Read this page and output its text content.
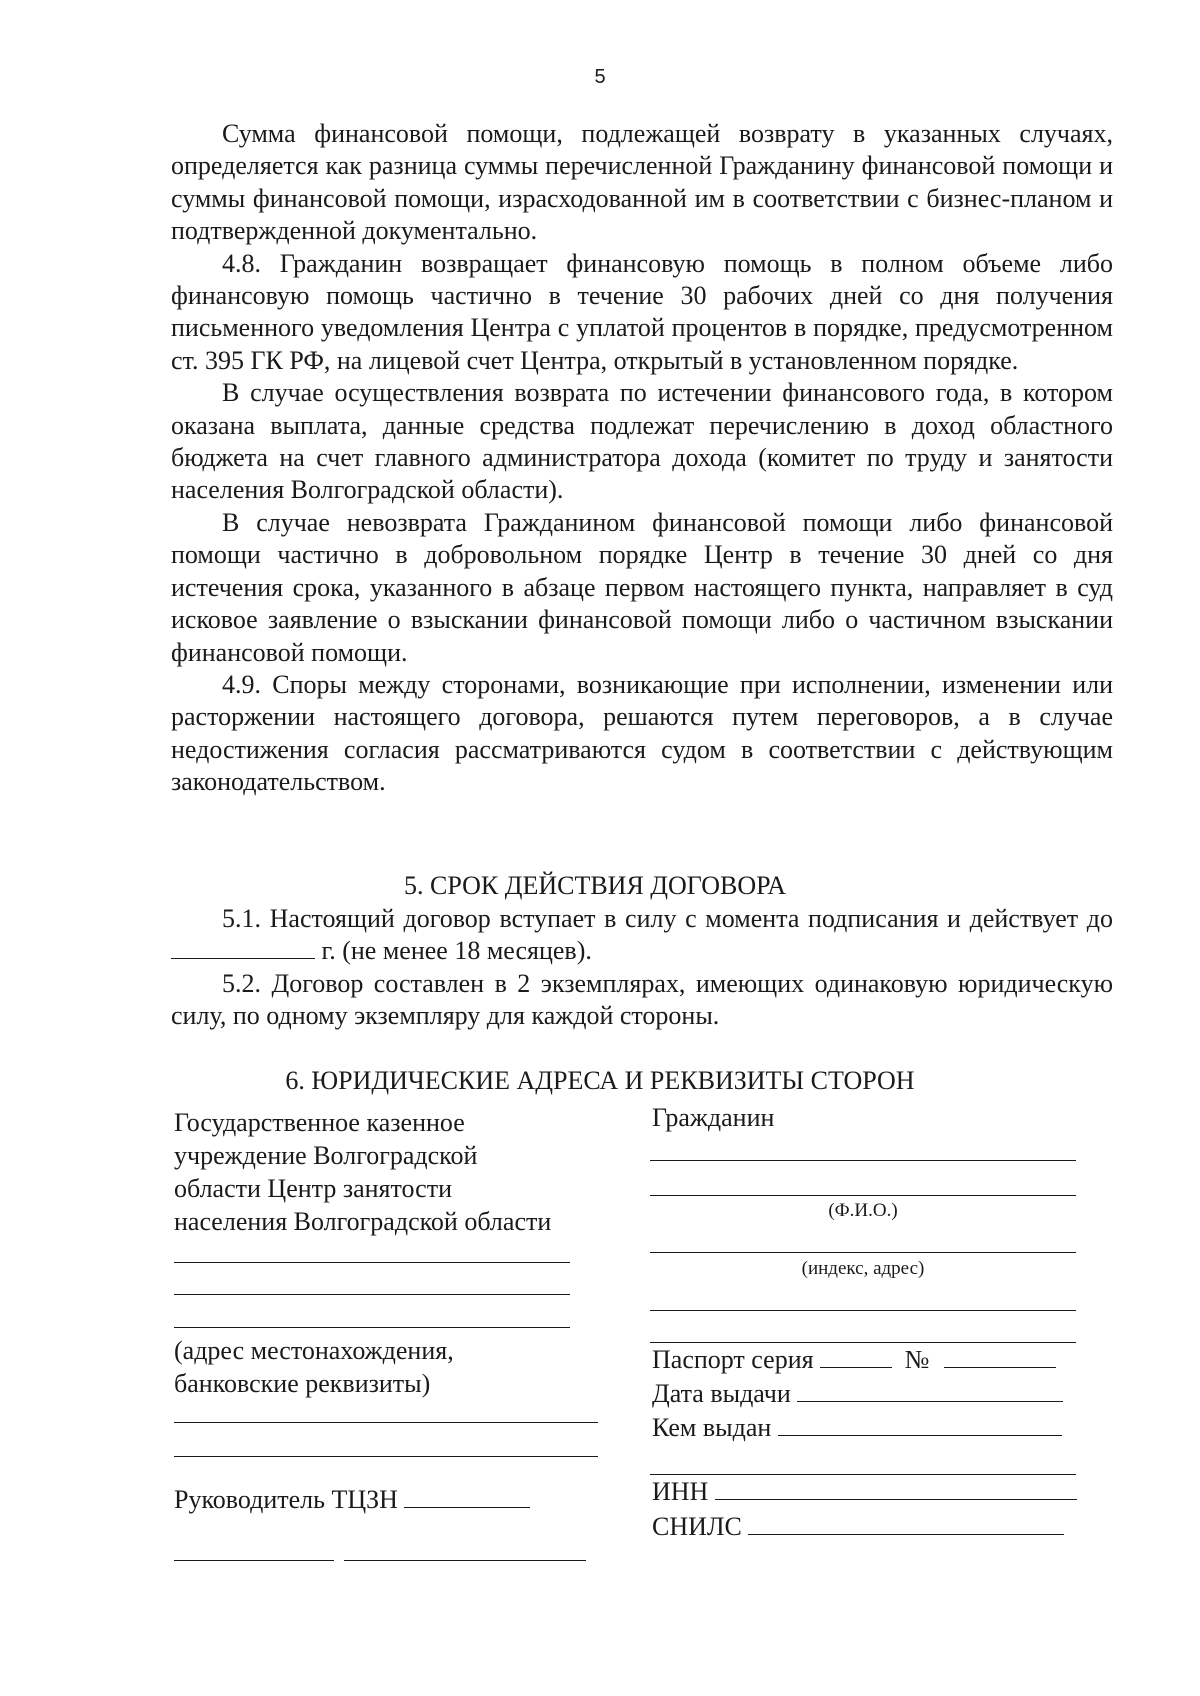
5

Сумма финансовой помощи, подлежащей возврату в указанных случаях, определяется как разница суммы перечисленной Гражданину финансовой помощи и суммы финансовой помощи, израсходованной им в соответствии с бизнес-планом и подтвержденной документально.

4.8. Гражданин возвращает финансовую помощь в полном объеме либо финансовую помощь частично в течение 30 рабочих дней со дня получения письменного уведомления Центра с уплатой процентов в порядке, предусмотренном ст. 395 ГК РФ, на лицевой счет Центра, открытый в установленном порядке.

В случае осуществления возврата по истечении финансового года, в котором оказана выплата, данные средства подлежат перечислению в доход областного бюджета на счет главного администратора дохода (комитет по труду и занятости населения Волгоградской области).

В случае невозврата Гражданином финансовой помощи либо финансовой помощи частично в добровольном порядке Центр в течение 30 дней со дня истечения срока, указанного в абзаце первом настоящего пункта, направляет в суд исковое заявление о взыскании финансовой помощи либо о частичном взыскании финансовой помощи.

4.9. Споры между сторонами, возникающие при исполнении, изменении или расторжении настоящего договора, решаются путем переговоров, а в случае недостижения согласия рассматриваются судом в соответствии с действующим законодательством.

5. СРОК ДЕЙСТВИЯ ДОГОВОРА

5.1. Настоящий договор вступает в силу с момента подписания и действует до  г. (не менее 18 месяцев).

5.2. Договор составлен в 2 экземплярах, имеющих одинаковую юридическую силу, по одному экземпляру для каждой стороны.

6. ЮРИДИЧЕСКИЕ АДРЕСА И РЕКВИЗИТЫ СТОРОН
Государственное казенное
учреждение Волгоградской
области Центр занятости
населения Волгоградской области
(адрес местонахождения,
банковские реквизиты)
Руководитель ТЦЗН
Гражданин
(Ф.И.О.)
(индекс, адрес)
Паспорт серия	№
Дата выдачи
Кем выдан
ИНН
СНИЛС
